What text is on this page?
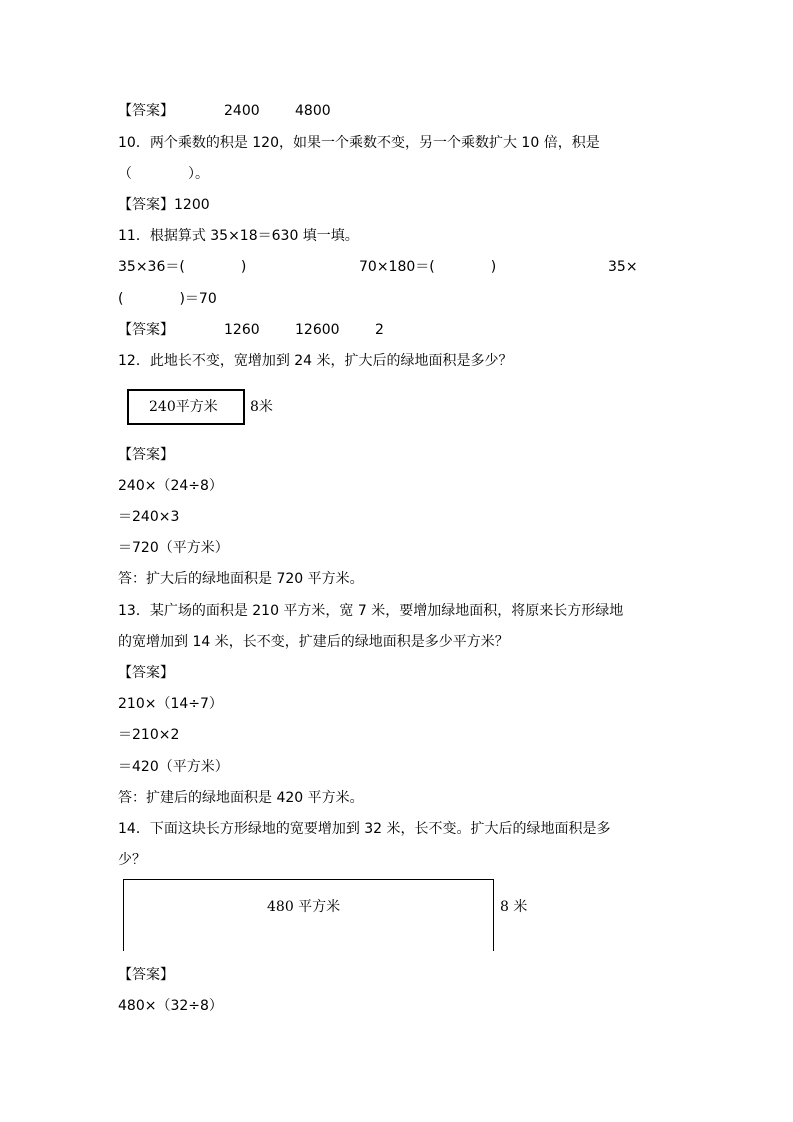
【答案】	2400	4800
10．两个乘数的积是 120，如果一个乘数不变，另一个乘数扩大 10 倍，积是
（　　　　）。
【答案】1200
11．根据算式 35×18＝630 填一填。
35×36＝(　　　　)	70×180＝(　　　　)	35×
(　　　　)＝70
【答案】	1260	12600	2
12．此地长不变，宽增加到 24 米，扩大后的绿地面积是多少？
240平方米 8米
【答案】
240×（24÷8）
＝240×3
＝720（平方米）
答：扩大后的绿地面积是 720 平方米。
13．某广场的面积是 210 平方米，宽 7 米，要增加绿地面积，将原来长方形绿地
的宽增加到 14 米，长不变，扩建后的绿地面积是多少平方米？
【答案】
210×（14÷7）
＝210×2
＝420（平方米）
答：扩建后的绿地面积是 420 平方米。
14．下面这块长方形绿地的宽要增加到 32 米，长不变。扩大后的绿地面积是多
少？
480 平方米	8 米
【答案】
480×（32÷8）
